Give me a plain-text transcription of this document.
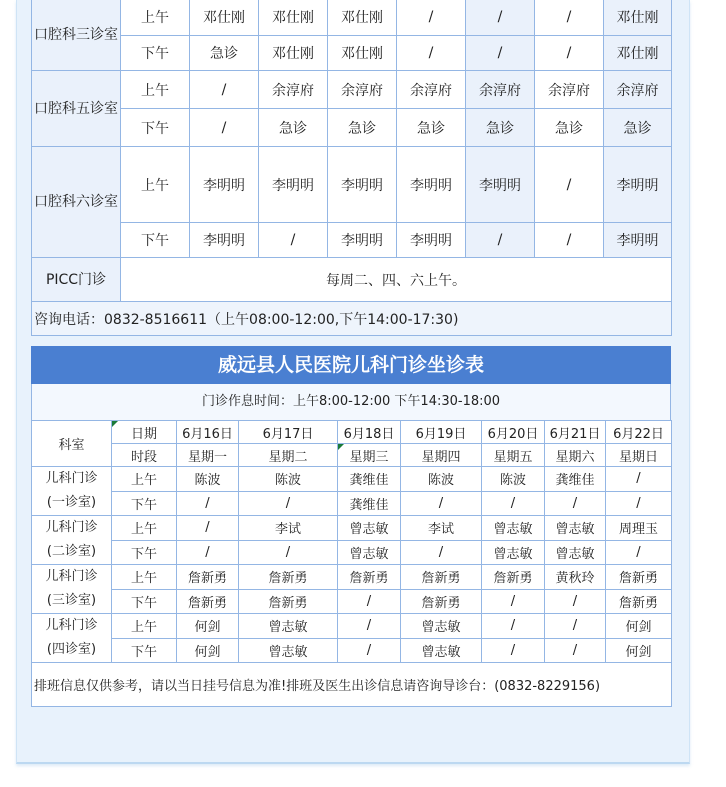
口腔科三诊室	上午	邓仕刚	邓仕刚	邓仕刚	/	/	/	邓仕刚
	下午	急诊	邓仕刚	邓仕刚	/	/	/	邓仕刚
口腔科五诊室	上午	/	余淳府	余淳府	余淳府	余淳府	余淳府	余淳府
	下午	/	急诊	急诊	急诊	急诊	急诊	急诊
口腔科六诊室	上午	李明明	李明明	李明明	李明明	李明明	/	李明明
	下午	李明明	/	李明明	李明明	/	/	李明明
PICC门诊	每周二、四、六上午。							
咨询电话：0832-8516611（上午08:00-12:00,下午14:00-17:30)								
威远县人民医院儿科门诊坐诊表
门诊作息时间：上午8:00-12:00 下午14:30-18:00
科室	日期	6月16日	6月17日	6月18日	6月19日	6月20日	6月21日	6月22日
	时段	星期一	星期二	星期三	星期四	星期五	星期六	星期日
儿科门诊
(一诊室)	上午	陈波	陈波	龚维佳	陈波	陈波	龚维佳	/
	下午	/	/	龚维佳	/	/	/	/
儿科门诊
(二诊室)	上午	/	李试	曾志敏	李试	曾志敏	曾志敏	周理玉
	下午	/	/	曾志敏	/	曾志敏	曾志敏	/
儿科门诊
(三诊室)	上午	詹新勇	詹新勇	詹新勇	詹新勇	詹新勇	黄秋玲	詹新勇
	下午	詹新勇	詹新勇	/	詹新勇	/	/	詹新勇
儿科门诊
(四诊室)	上午	何剑	曾志敏	/	曾志敏	/	/	何剑
	下午	何剑	曾志敏	/	曾志敏	/	/	何剑
排班信息仅供参考，请以当日挂号信息为准!排班及医生出诊信息请咨询导诊台：(0832-8229156)								
